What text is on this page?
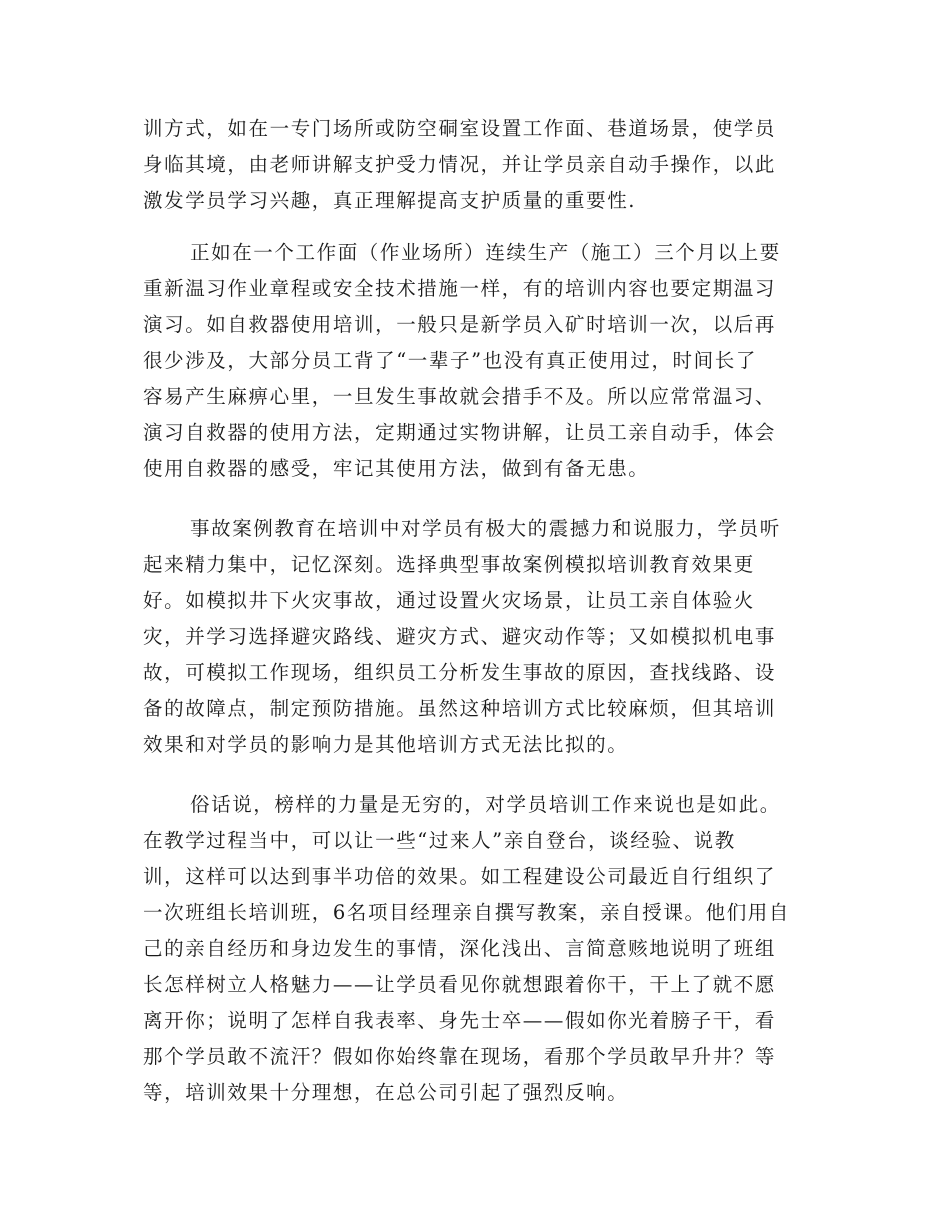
训方式，如在一专门场所或防空硐室设置工作面、巷道场景，使学员
身临其境，由老师讲解支护受力情况，并让学员亲自动手操作，以此
激发学员学习兴趣，真正理解提高支护质量的重要性.
正如在一个工作面（作业场所）连续生产（施工）三个月以上要
重新温习作业章程或安全技术措施一样，有的培训内容也要定期温习
演习。如自救器使用培训，一般只是新学员入矿时培训一次，以后再
很少涉及，大部分员工背了“一辈子”也没有真正使用过，时间长了
容易产生麻痹心里，一旦发生事故就会措手不及。所以应常常温习、
演习自救器的使用方法，定期通过实物讲解，让员工亲自动手，体会
使用自救器的感受，牢记其使用方法，做到有备无患。
事故案例教育在培训中对学员有极大的震撼力和说服力，学员听
起来精力集中，记忆深刻。选择典型事故案例模拟培训教育效果更
好。如模拟井下火灾事故，通过设置火灾场景，让员工亲自体验火
灾，并学习选择避灾路线、避灾方式、避灾动作等；又如模拟机电事
故，可模拟工作现场，组织员工分析发生事故的原因，查找线路、设
备的故障点，制定预防措施。虽然这种培训方式比较麻烦，但其培训
效果和对学员的影响力是其他培训方式无法比拟的。
俗话说，榜样的力量是无穷的，对学员培训工作来说也是如此。
在教学过程当中，可以让一些“过来人”亲自登台，谈经验、说教
训，这样可以达到事半功倍的效果。如工程建设公司最近自行组织了
一次班组长培训班，6名项目经理亲自撰写教案，亲自授课。他们用自
己的亲自经历和身边发生的事情，深化浅出、言简意赅地说明了班组
长怎样树立人格魅力——让学员看见你就想跟着你干，干上了就不愿
离开你；说明了怎样自我表率、身先士卒——假如你光着膀子干，看
那个学员敢不流汗？假如你始终靠在现场，看那个学员敢早升井？等
等，培训效果十分理想，在总公司引起了强烈反响。
